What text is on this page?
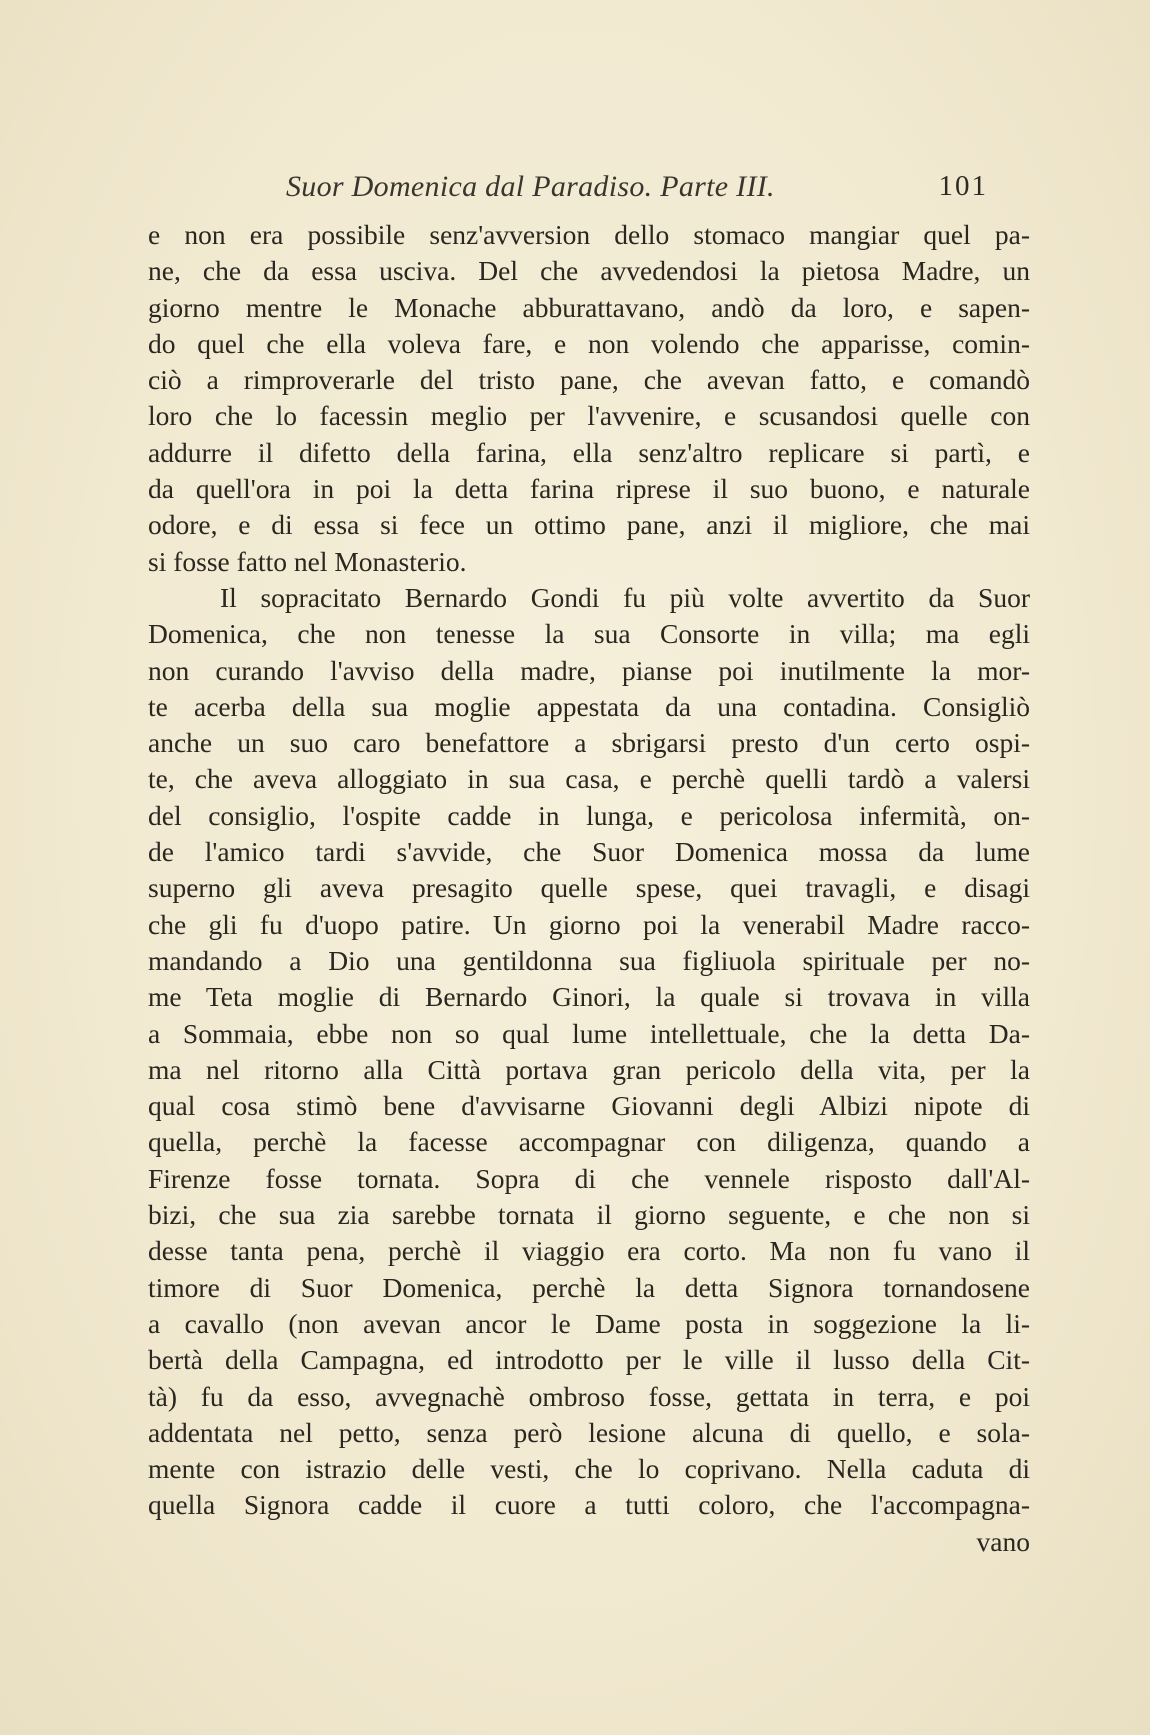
Suor Domenica dal Paradiso. Parte III.	101
e non era possibile senz'avversion dello stomaco mangiar quel pa-
ne, che da essa usciva. Del che avvedendosi la pietosa Madre, un
giorno mentre le Monache abburattavano, andò da loro, e sapen-
do quel che ella voleva fare, e non volendo che apparisse, comin-
ciò a rimproverarle del tristo pane, che avevan fatto, e comandò
loro che lo facessin meglio per l'avvenire, e scusandosi quelle con
addurre il difetto della farina, ella senz'altro replicare si partì, e
da quell'ora in poi la detta farina riprese il suo buono, e naturale
odore, e di essa si fece un ottimo pane, anzi il migliore, che mai
si fosse fatto nel Monasterio.
Il sopracitato Bernardo Gondi fu più volte avvertito da Suor
Domenica, che non tenesse la sua Consorte in villa; ma egli
non curando l'avviso della madre, pianse poi inutilmente la mor-
te acerba della sua moglie appestata da una contadina. Consigliò
anche un suo caro benefattore a sbrigarsi presto d'un certo ospi-
te, che aveva alloggiato in sua casa, e perchè quelli tardò a valersi
del consiglio, l'ospite cadde in lunga, e pericolosa infermità, on-
de l'amico tardi s'avvide, che Suor Domenica mossa da lume
superno gli aveva presagito quelle spese, quei travagli, e disagi
che gli fu d'uopo patire. Un giorno poi la venerabil Madre racco-
mandando a Dio una gentildonna sua figliuola spirituale per no-
me Teta moglie di Bernardo Ginori, la quale si trovava in villa
a Sommaia, ebbe non so qual lume intellettuale, che la detta Da-
ma nel ritorno alla Città portava gran pericolo della vita, per la
qual cosa stimò bene d'avvisarne Giovanni degli Albizi nipote di
quella, perchè la facesse accompagnar con diligenza, quando a
Firenze fosse tornata. Sopra di che vennele risposto dall'Al-
bizi, che sua zia sarebbe tornata il giorno seguente, e che non si
desse tanta pena, perchè il viaggio era corto. Ma non fu vano il
timore di Suor Domenica, perchè la detta Signora tornandosene
a cavallo (non avevan ancor le Dame posta in soggezione la li-
bertà della Campagna, ed introdotto per le ville il lusso della Cit-
tà) fu da esso, avvegnachè ombroso fosse, gettata in terra, e poi
addentata nel petto, senza però lesione alcuna di quello, e sola-
mente con istrazio delle vesti, che lo coprivano. Nella caduta di
quella Signora cadde il cuore a tutti coloro, che l'accompagna-
vano
